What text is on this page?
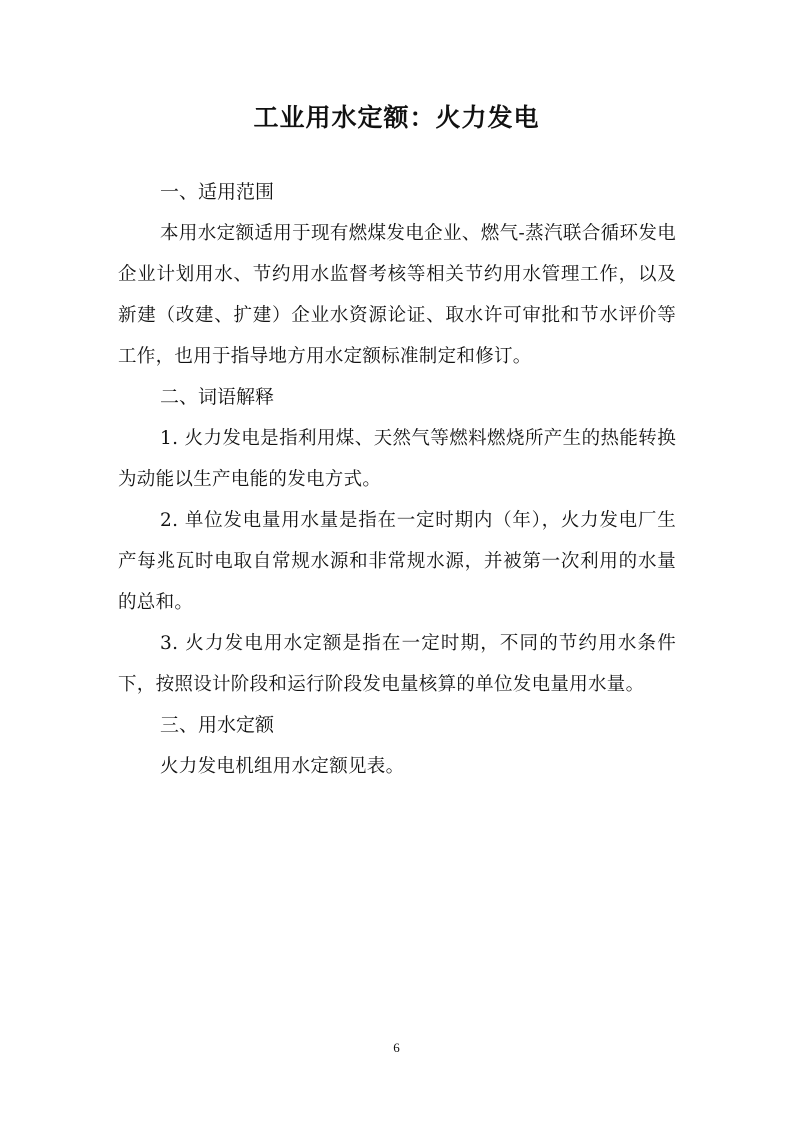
工业用水定额：火力发电
一、适用范围

本用水定额适用于现有燃煤发电企业、燃气-蒸汽联合循环发电企业计划用水、节约用水监督考核等相关节约用水管理工作，以及新建（改建、扩建）企业水资源论证、取水许可审批和节水评价等工作，也用于指导地方用水定额标准制定和修订。

二、词语解释

1. 火力发电是指利用煤、天然气等燃料燃烧所产生的热能转换为动能以生产电能的发电方式。

2. 单位发电量用水量是指在一定时期内（年），火力发电厂生产每兆瓦时电取自常规水源和非常规水源，并被第一次利用的水量的总和。

3. 火力发电用水定额是指在一定时期，不同的节约用水条件下，按照设计阶段和运行阶段发电量核算的单位发电量用水量。

三、用水定额

火力发电机组用水定额见表。

6
